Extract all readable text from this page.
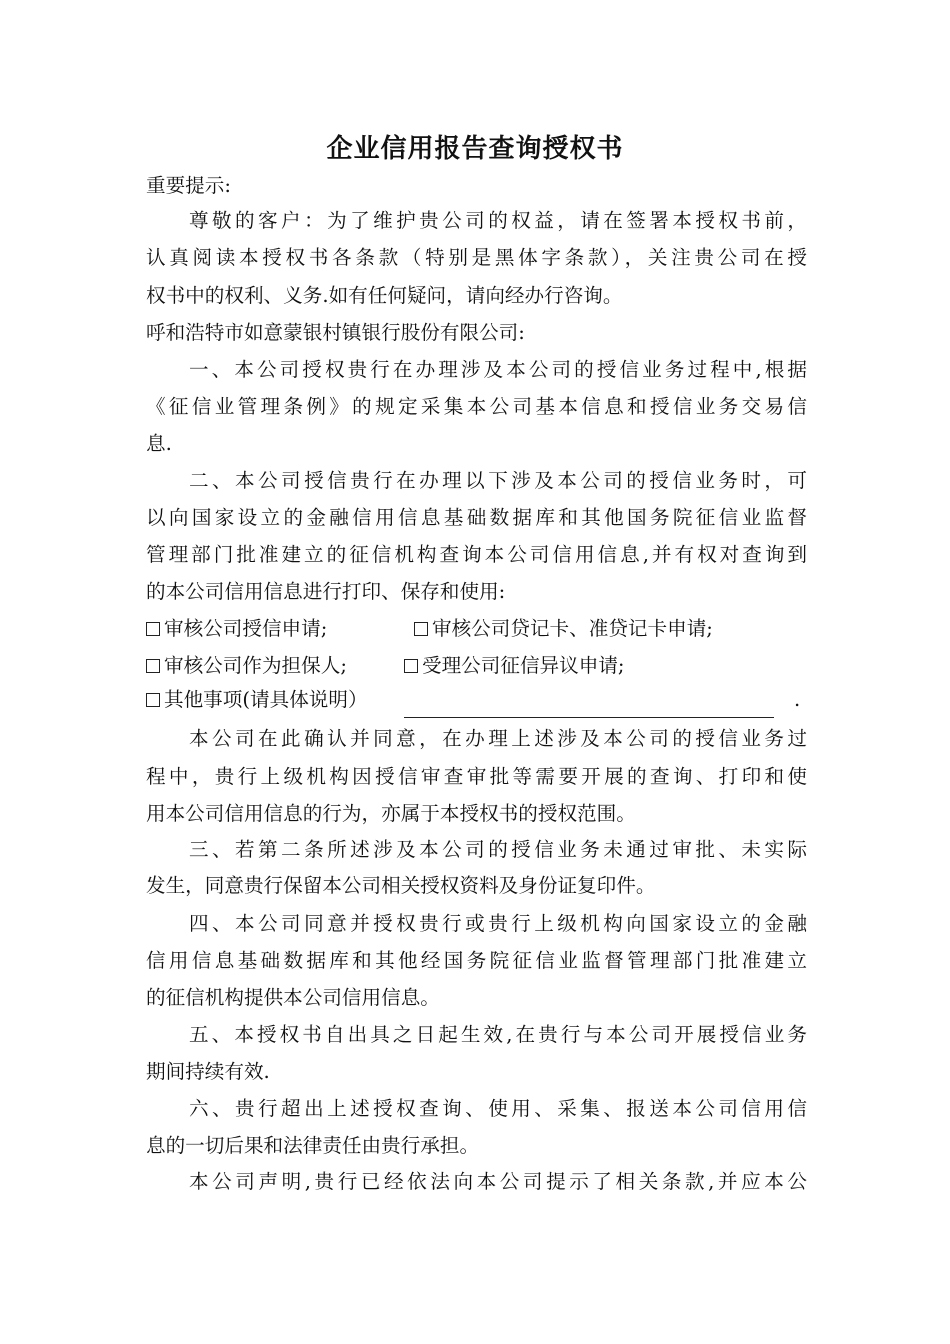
企业信用报告查询授权书
重要提示:
尊敬的客户：为了维护贵公司的权益，请在签署本授权书前，
认真阅读本授权书各条款（特别是黑体字条款），关注贵公司在授
权书中的权利、义务.如有任何疑问，请向经办行咨询。
呼和浩特市如意蒙银村镇银行股份有限公司:
一、本公司授权贵行在办理涉及本公司的授信业务过程中,根据
《征信业管理条例》的规定采集本公司基本信息和授信业务交易信
息.
二、本公司授信贵行在办理以下涉及本公司的授信业务时，可
以向国家设立的金融信用信息基础数据库和其他国务院征信业监督
管理部门批准建立的征信机构查询本公司信用信息,并有权对查询到
的本公司信用信息进行打印、保存和使用:
审核公司授信申请;	审核公司贷记卡、准贷记卡申请;
审核公司作为担保人;	受理公司征信异议申请;
其他事项(请具体说明）	.
本公司在此确认并同意，在办理上述涉及本公司的授信业务过
程中，贵行上级机构因授信审查审批等需要开展的查询、打印和使
用本公司信用信息的行为，亦属于本授权书的授权范围。
三、若第二条所述涉及本公司的授信业务未通过审批、未实际
发生，同意贵行保留本公司相关授权资料及身份证复印件。
四、本公司同意并授权贵行或贵行上级机构向国家设立的金融
信用信息基础数据库和其他经国务院征信业监督管理部门批准建立
的征信机构提供本公司信用信息。
五、本授权书自出具之日起生效,在贵行与本公司开展授信业务
期间持续有效.
六、贵行超出上述授权查询、使用、采集、报送本公司信用信
息的一切后果和法律责任由贵行承担。
本公司声明,贵行已经依法向本公司提示了相关条款,并应本公
